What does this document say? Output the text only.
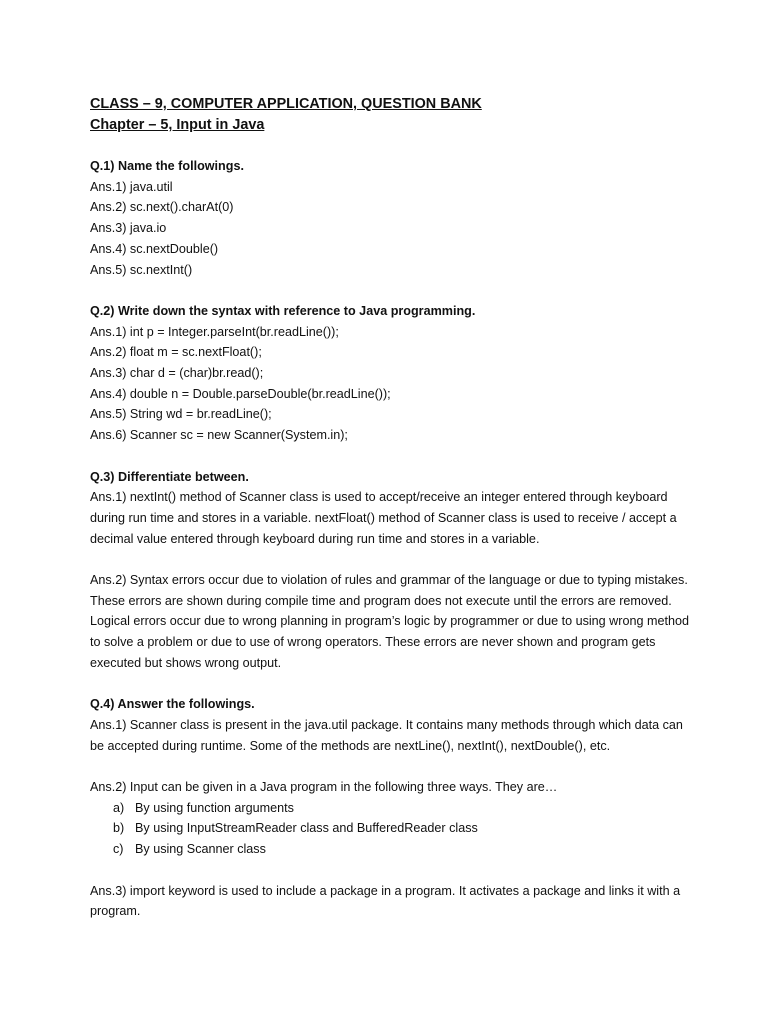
CLASS – 9, COMPUTER APPLICATION, QUESTION BANK

Chapter – 5, Input in Java

Q.1) Name the followings.

Ans.1) java.util

Ans.2) sc.next().charAt(0)

Ans.3) java.io

Ans.4) sc.nextDouble()

Ans.5) sc.nextInt()

Q.2) Write down the syntax with reference to Java programming.

Ans.1) int p = Integer.parseInt(br.readLine());

Ans.2) float m = sc.nextFloat();

Ans.3) char d = (char)br.read();

Ans.4) double n = Double.parseDouble(br.readLine());

Ans.5) String wd = br.readLine();

Ans.6) Scanner sc = new Scanner(System.in);

Q.3) Differentiate between.

Ans.1) nextInt() method of Scanner class is used to accept/receive an integer entered through keyboard during run time and stores in a variable. nextFloat() method of Scanner class is used to receive / accept a decimal value entered through keyboard during run time and stores in a variable.

Ans.2) Syntax errors occur due to violation of rules and grammar of the language or due to typing mistakes. These errors are shown during compile time and program does not execute until the errors are removed. Logical errors occur due to wrong planning in program’s logic by programmer or due to using wrong method to solve a problem or due to use of wrong operators. These errors are never shown and program gets executed but shows wrong output.

Q.4) Answer the followings.

Ans.1) Scanner class is present in the java.util package. It contains many methods through which data can be accepted during runtime. Some of the methods are nextLine(), nextInt(), nextDouble(), etc.

Ans.2) Input can be given in a Java program in the following three ways. They are…

a) By using function arguments
b) By using InputStreamReader class and BufferedReader class
c) By using Scanner class

Ans.3) import keyword is used to include a package in a program. It activates a package and links it with a program.
